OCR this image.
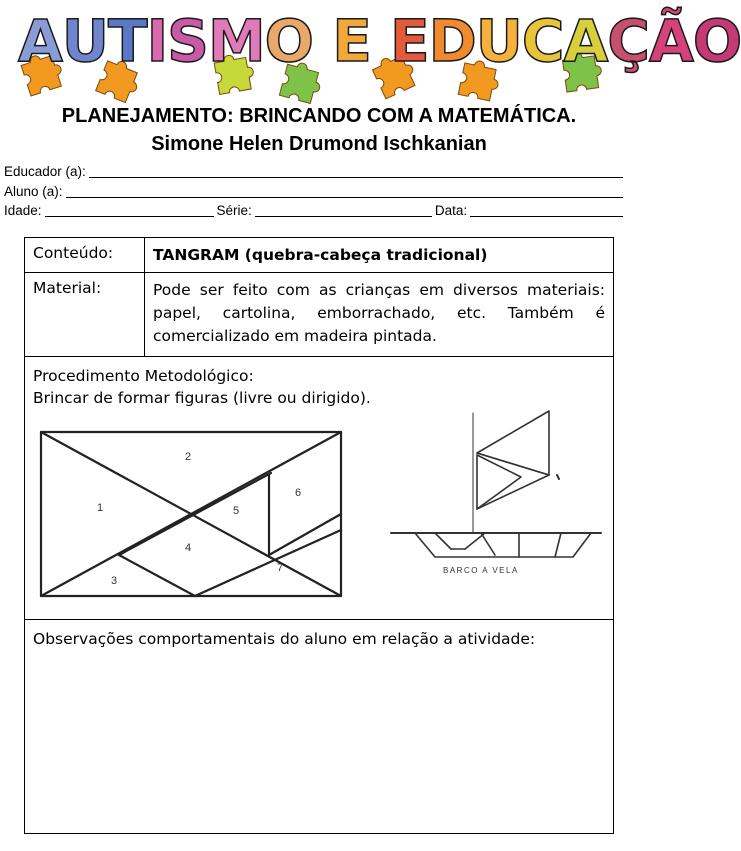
AUTISMO E EDUCAÇÃO
PLANEJAMENTO: BRINCANDO COM A MATEMÁTICA.
Simone Helen Drumond Ischkanian
Educador (a):
Aluno (a):
Idade:	Série:	Data:
Conteúdo:	TANGRAM (quebra-cabeça tradicional)
Material:	Pode ser feito com as crianças em diversos materiais: papel, cartolina, emborrachado, etc. Também é comercializado em madeira pintada.
Procedimento Metodológico:
Brincar de formar figuras (livre ou dirigido).
1
2
3
4
5
6
7	BARCO A VELA
Observações comportamentais do aluno em relação a atividade:
